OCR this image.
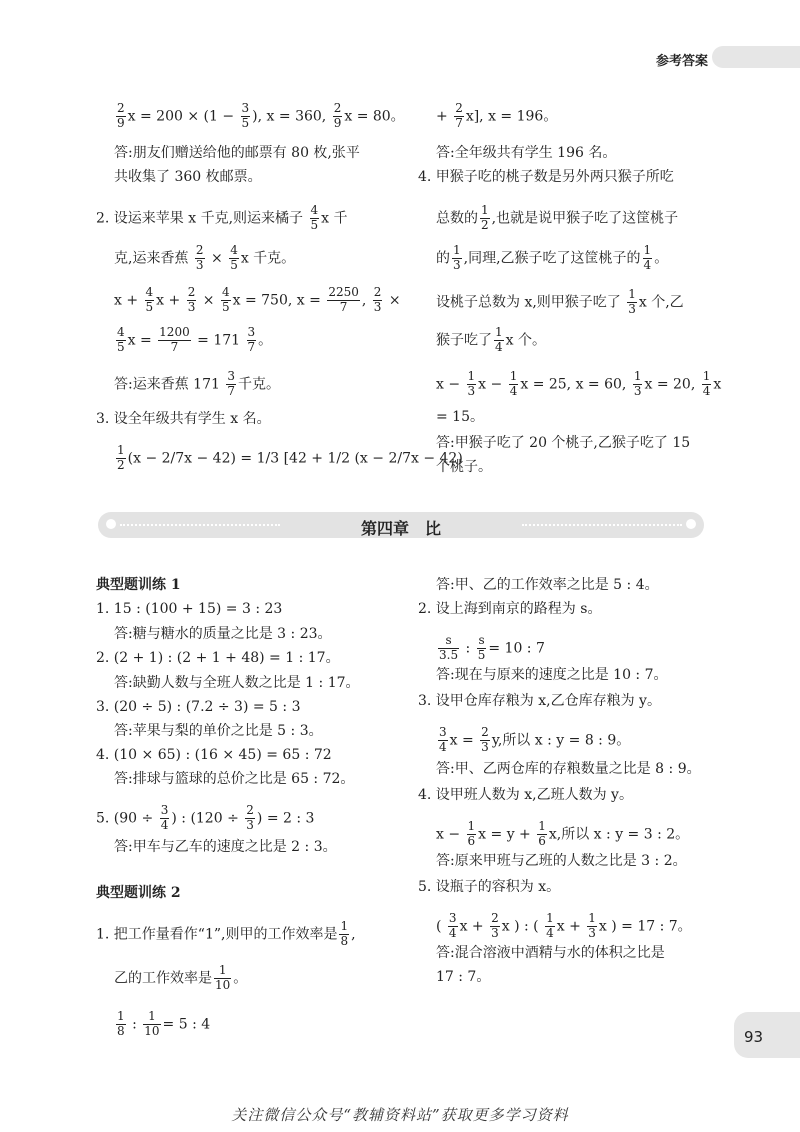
参考答案
$\frac{2}{9}$ $x = 200 \times (1 - \frac{3}{5}$ ), x = 360, $\frac{2}{9}$ x = 80。
答:朋友们赠送给他的邮票有 80 枚,张平
共收集了 360 枚邮票。
2. 设运来苹果 x 千克,则运来橘子 $\frac{4}{5}$ x 千
克,运来香蕉 $\frac{2}{3} \times \frac{4}{5}$ x 千克。
$x + \frac{4}{5}$ $x + \frac{2}{3} \times \frac{4}{5}$ x = 750, $x = \frac{2250}{7}$ , $\frac{2}{3}$ ×
$\frac{4}{5}$ $x = \frac{1200}{7} = 171 \frac{3}{7}$ 。
答:运来香蕉 $171 \frac{3}{7}$ 千克。
3. 设全年级共有学生 x 名。
$\frac{1}{2} (x - 2/7x - 42) = 1/3$ [42 + 1/2 (x − 2/7x − 42)
+ $\frac{2}{7} x$], x = 196。
答:全年级共有学生 196 名。
4. 甲猴子吃的桃子数是另外两只猴子所吃
总数的 $\frac{1}{2}$ ,也就是说甲猴子吃了这筐桃子
的 $\frac{1}{3}$ ,同理,乙猴子吃了这筐桃子的 $\frac{1}{4}$ 。
设桃子总数为 x,则甲猴子吃了 $\frac{1}{3}$ x 个,乙
猴子吃了 $\frac{1}{4}$ x 个。
$x - \frac{1}{3}$ $x - \frac{1}{4}$ x = 25, x = 60, $\frac{1}{3}$ x = 20, $\frac{1}{4}$ x
= 15。
答:甲猴子吃了 20 个桃子,乙猴子吃了 15
个桃子。
第四章　比
典型题训练 1
1. 15 : (100 + 15) = 3 : 23
答:糖与糖水的质量之比是 3 : 23。
2. (2 + 1) : (2 + 1 + 48) = 1 : 17。
答:缺勤人数与全班人数之比是 1 : 17。
3. (20 ÷ 5) : (7.2 ÷ 3) = 5 : 3
答:苹果与梨的单价之比是 5 : 3。
4. (10 × 65) : (16 × 45) = 65 : 72
答:排球与篮球的总价之比是 65 : 72。
5. ($90 \div \frac{3}{4}$ ) : ($120 \div \frac{2}{3}$ ) = 2 : 3
答:甲车与乙车的速度之比是 2 : 3。
典型题训练 2
1. 把工作量看作“1”,则甲的工作效率是 $\frac{1}{8}$ ,
乙的工作效率是 $\frac{1}{10}$ 。
$\frac{1}{8}$ : $\frac{1}{10} = 5$ : 4
答:甲、乙的工作效率之比是 5 : 4。
2. 设上海到南京的路程为 s。
$\frac{s}{3.5}$ : $\frac{s}{5} = 10$ : 7
答:现在与原来的速度之比是 10 : 7。
3. 设甲仓库存粮为 x,乙仓库存粮为 y。
$\frac{3}{4}$ $x = \frac{2}{3} y$,所以 x : y = 8 : 9。
答:甲、乙两仓库的存粮数量之比是 8 : 9。
4. 设甲班人数为 x,乙班人数为 y。
$x - \frac{1}{6}$ $x = y + \frac{1}{6} x$,所以 x : y = 3 : 2。
答:原来甲班与乙班的人数之比是 3 : 2。
5. 设瓶子的容积为 x。
( $\frac{3}{4}$ $x + \frac{2}{3}$ x ) : ( $\frac{1}{4}$ $x + \frac{1}{3}$ x ) = 17 : 7。
答:混合溶液中酒精与水的体积之比是
17 : 7。
93
关注微信公众号“教辅资料站”获取更多学习资料
